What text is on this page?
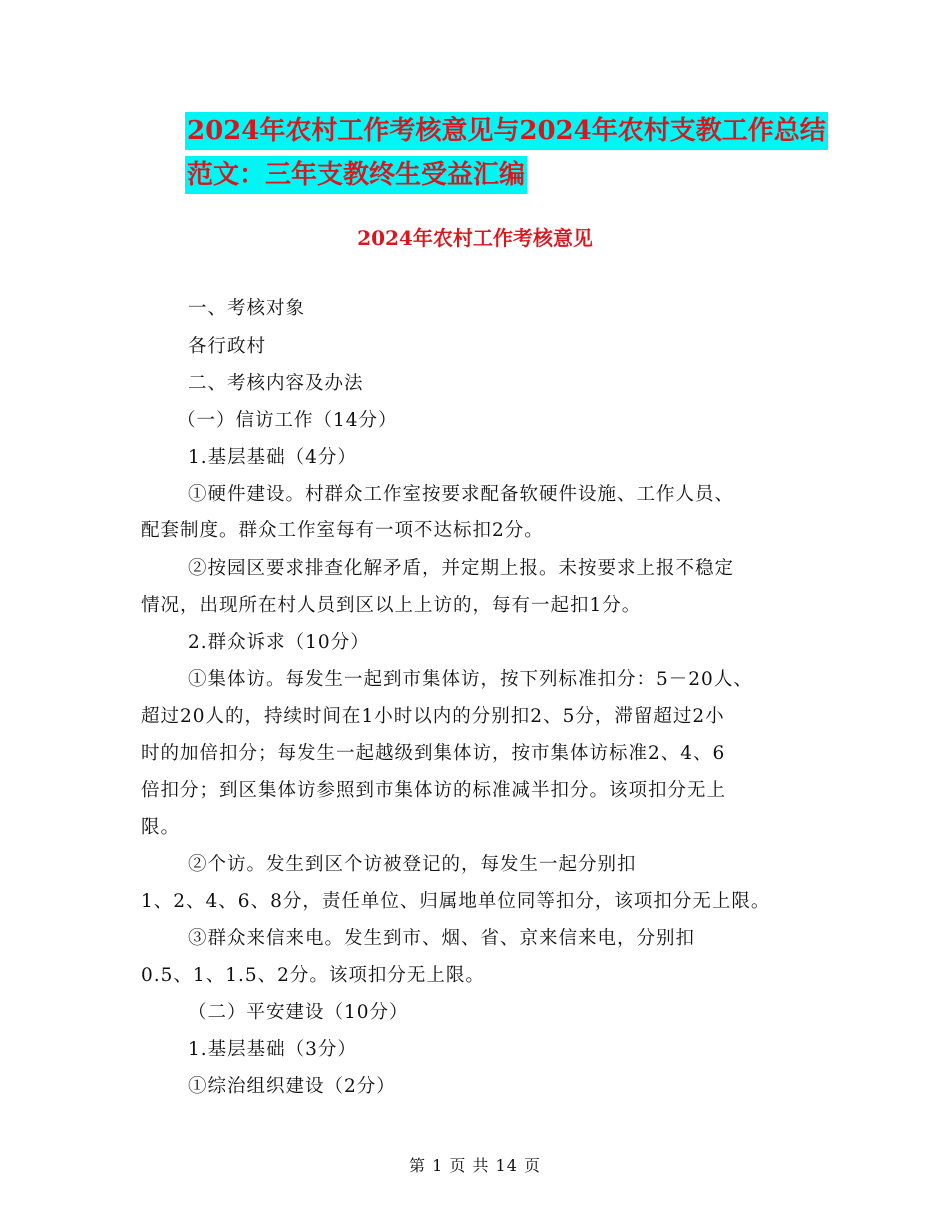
2024年农村工作考核意见与2024年农村支教工作总结
范文：三年支教终生受益汇编
2024年农村工作考核意见
一、考核对象
各行政村
二、考核内容及办法
（一）信访工作（14分）
1.基层基础（4分）
①硬件建设。村群众工作室按要求配备软硬件设施、工作人员、
配套制度。群众工作室每有一项不达标扣2分。
②按园区要求排查化解矛盾，并定期上报。未按要求上报不稳定
情况，出现所在村人员到区以上上访的，每有一起扣1分。
2.群众诉求（10分）
①集体访。每发生一起到市集体访，按下列标准扣分：5－20人、
超过20人的，持续时间在1小时以内的分别扣2、5分，滞留超过2小
时的加倍扣分；每发生一起越级到集体访，按市集体访标准2、4、6
倍扣分；到区集体访参照到市集体访的标准减半扣分。该项扣分无上
限。
②个访。发生到区个访被登记的，每发生一起分别扣
1、2、4、6、8分，责任单位、归属地单位同等扣分，该项扣分无上限。
③群众来信来电。发生到市、烟、省、京来信来电，分别扣
0.5、1、1.5、2分。该项扣分无上限。
（二）平安建设（10分）
1.基层基础（3分）
①综治组织建设（2分）
第 1 页 共 14 页
